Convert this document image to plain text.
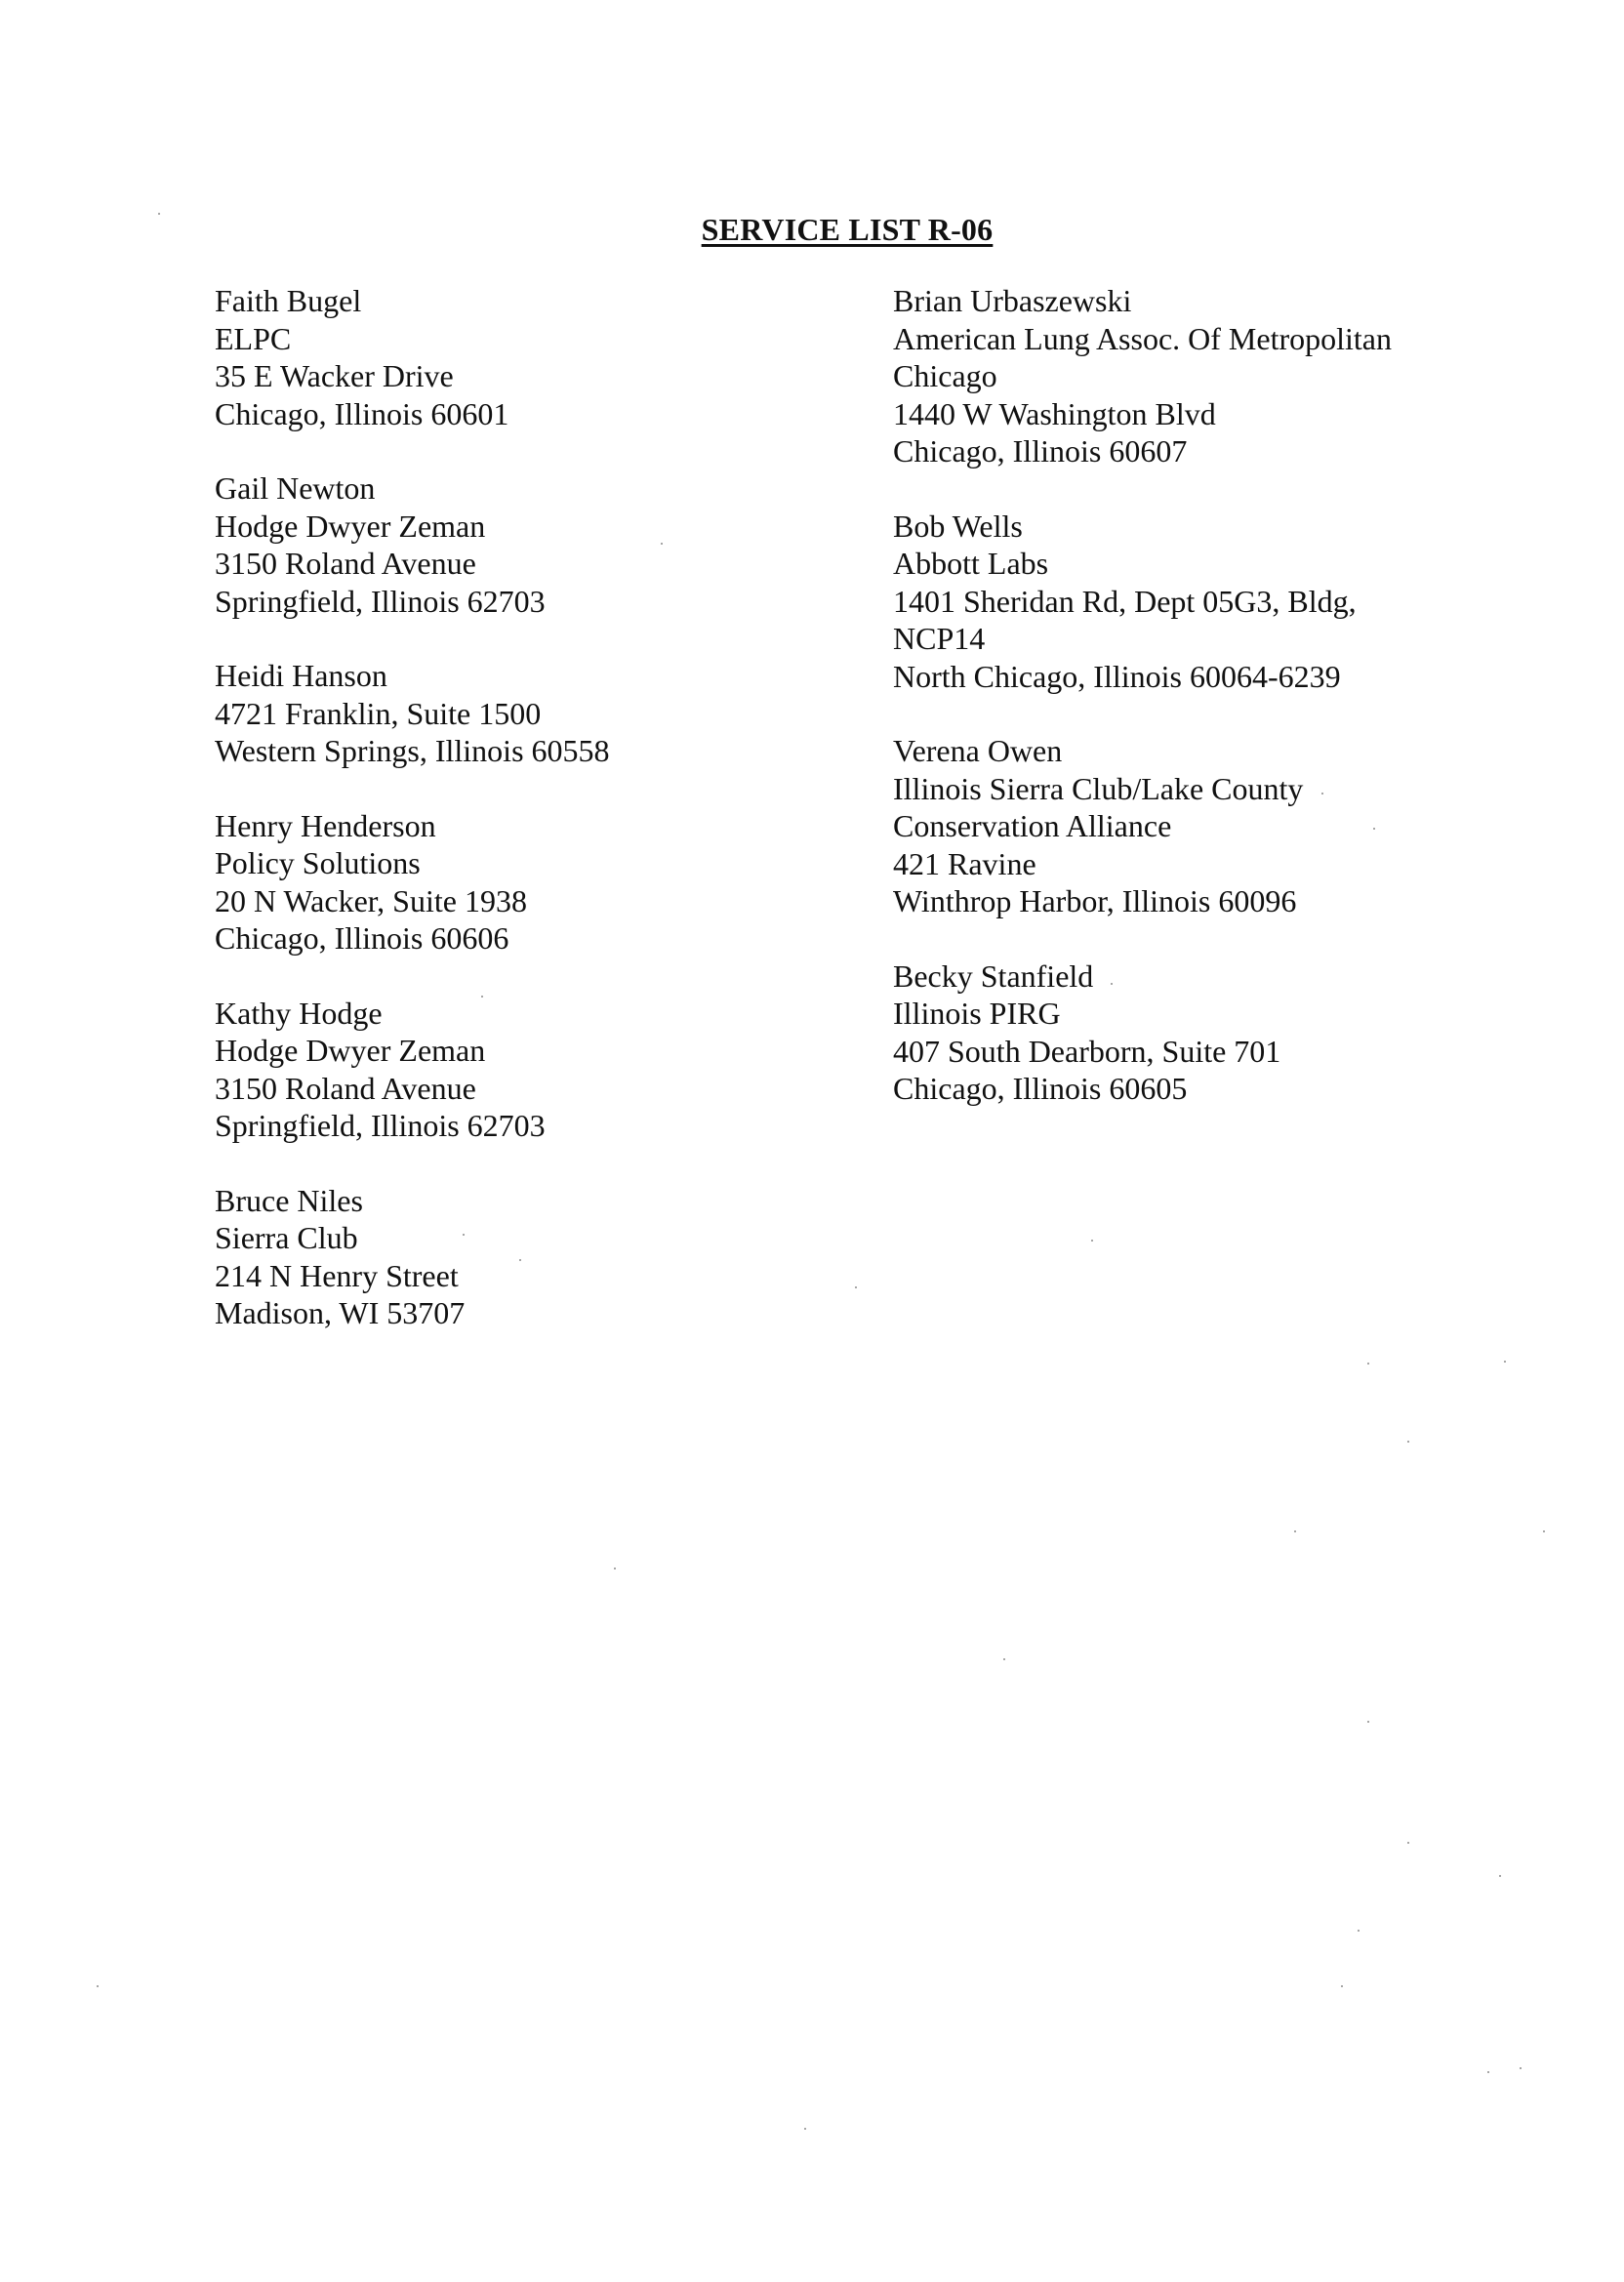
SERVICE LIST R-06
Faith Bugel
ELPC
35 E Wacker Drive
Chicago, Illinois 60601
Gail Newton
Hodge Dwyer Zeman
3150 Roland Avenue
Springfield, Illinois 62703
Heidi Hanson
4721 Franklin, Suite 1500
Western Springs, Illinois 60558
Henry Henderson
Policy Solutions
20 N Wacker, Suite 1938
Chicago, Illinois 60606
Kathy Hodge
Hodge Dwyer Zeman
3150 Roland Avenue
Springfield, Illinois 62703
Bruce Niles
Sierra Club
214 N Henry Street
Madison, WI 53707
Brian Urbaszewski
American Lung Assoc. Of Metropolitan
Chicago
1440 W Washington Blvd
Chicago, Illinois 60607
Bob Wells
Abbott Labs
1401 Sheridan Rd, Dept 05G3, Bldg,
NCP14
North Chicago, Illinois 60064-6239
Verena Owen
Illinois Sierra Club/Lake County
Conservation Alliance
421 Ravine
Winthrop Harbor, Illinois 60096
Becky Stanfield
Illinois PIRG
407 South Dearborn, Suite 701
Chicago, Illinois 60605
